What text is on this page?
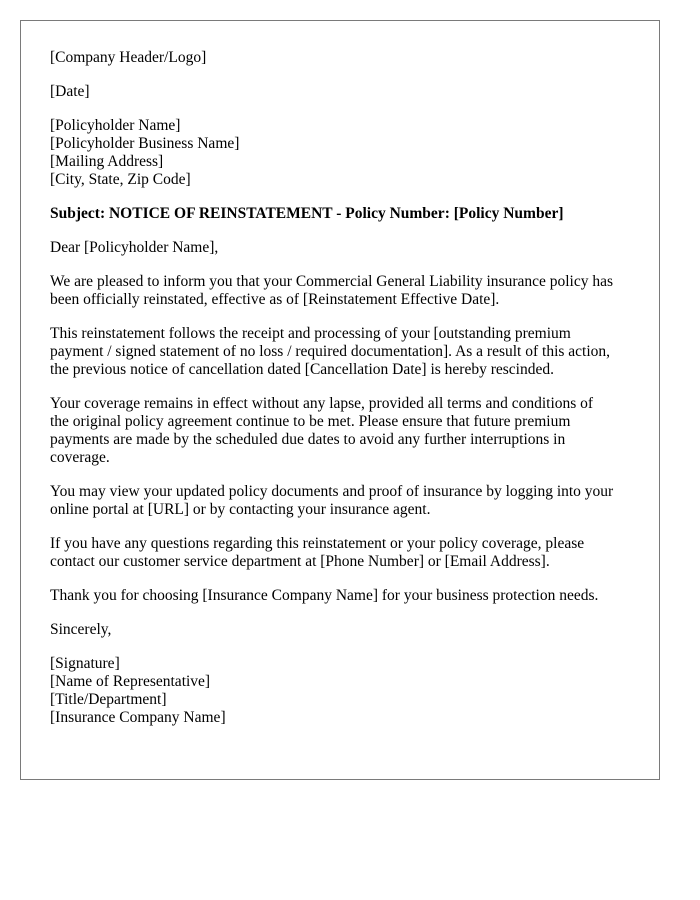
[Company Header/Logo]
[Date]
[Policyholder Name]
[Policyholder Business Name]
[Mailing Address]
[City, State, Zip Code]
Subject: NOTICE OF REINSTATEMENT - Policy Number: [Policy Number]
Dear [Policyholder Name],
We are pleased to inform you that your Commercial General Liability insurance policy has
been officially reinstated, effective as of [Reinstatement Effective Date].
This reinstatement follows the receipt and processing of your [outstanding premium
payment / signed statement of no loss / required documentation]. As a result of this action,
the previous notice of cancellation dated [Cancellation Date] is hereby rescinded.
Your coverage remains in effect without any lapse, provided all terms and conditions of
the original policy agreement continue to be met. Please ensure that future premium
payments are made by the scheduled due dates to avoid any further interruptions in
coverage.
You may view your updated policy documents and proof of insurance by logging into your
online portal at [URL] or by contacting your insurance agent.
If you have any questions regarding this reinstatement or your policy coverage, please
contact our customer service department at [Phone Number] or [Email Address].
Thank you for choosing [Insurance Company Name] for your business protection needs.
Sincerely,
[Signature]
[Name of Representative]
[Title/Department]
[Insurance Company Name]
